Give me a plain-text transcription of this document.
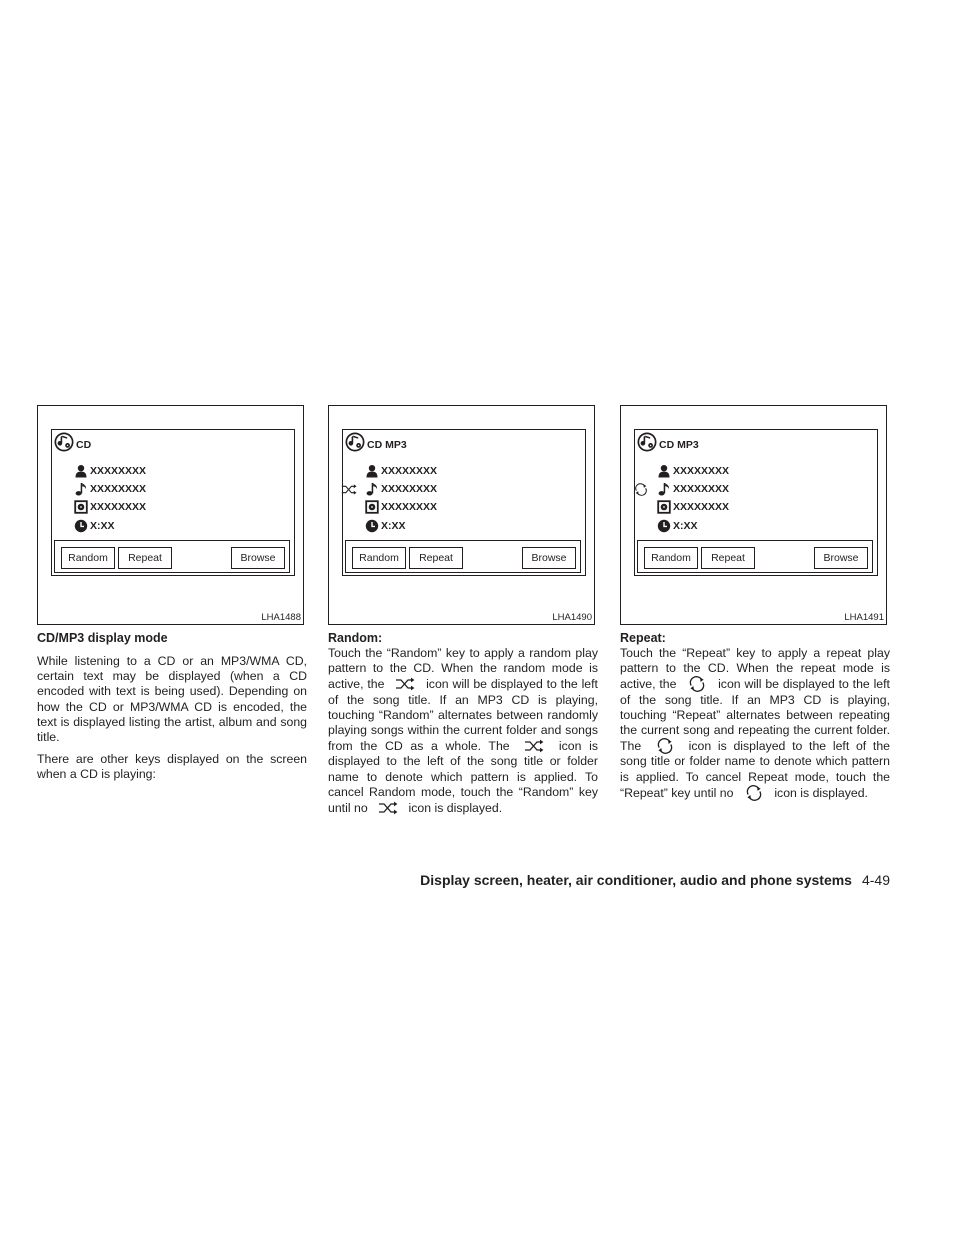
CD
XXXXXXXX
XXXXXXXX
XXXXXXXX
X:XX
Random	Repeat	Browse
LHA1488
CD MP3
XXXXXXXX
XXXXXXXX
XXXXXXXX
X:XX
Random	Repeat	Browse
LHA1490
CD MP3
XXXXXXXX
XXXXXXXX
XXXXXXXX
X:XX
Random	Repeat	Browse
LHA1491
CD/MP3 display mode

While listening to a CD or an MP3/WMA CD, certain text may be displayed (when a CD encoded with text is being used). Depending on how the CD or MP3/WMA CD is encoded, the text is displayed listing the artist, album and song title.

There are other keys displayed on the screen when a CD is playing:

Random:

Touch the “Random” key to apply a random play pattern to the CD. When the random mode is active, the	icon will be displayed to the left of the song title. If an MP3 CD is playing, touching “Random” alternates between randomly playing songs within the current folder and songs from the CD as a whole. The	icon is displayed to the left of the song title or folder name to denote which pattern is applied. To cancel Random mode, touch the “Random” key until no	icon is displayed.

Repeat:

Touch the “Repeat” key to apply a repeat play pattern to the CD. When the repeat mode is active, the	icon will be displayed to the left of the song title. If an MP3 CD is playing, touching “Repeat” alternates between repeating the current song and repeating the current folder. The	icon is displayed to the left of the song title or folder name to denote which pattern is applied. To cancel Repeat mode, touch the “Repeat” key until no	icon is displayed.

Display screen, heater, air conditioner, audio and phone systems 4-49
